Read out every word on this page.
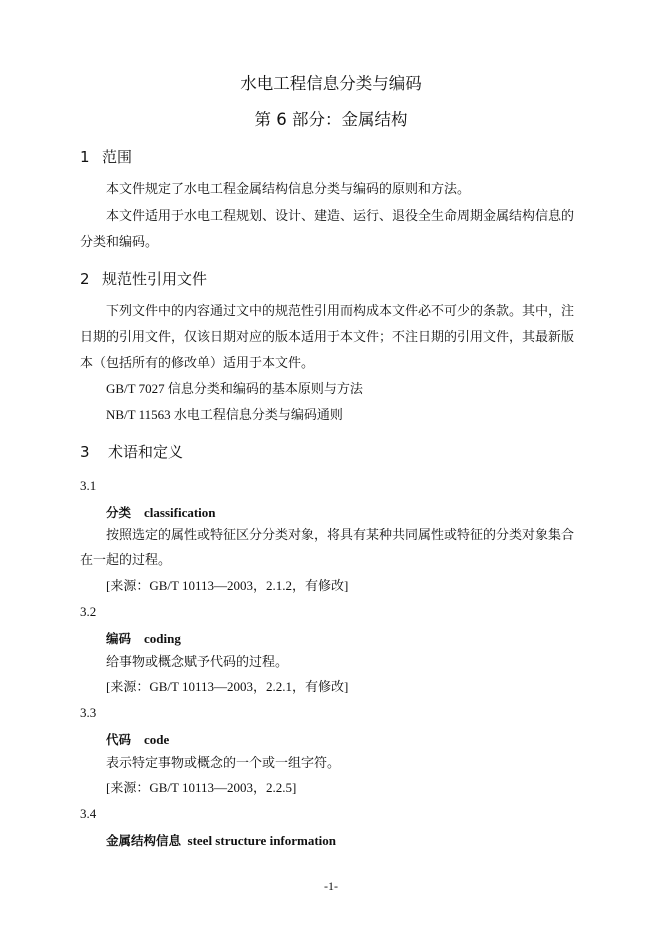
水电工程信息分类与编码
第 6 部分：金属结构
1 范围
本文件规定了水电工程金属结构信息分类与编码的原则和方法。
本文件适用于水电工程规划、设计、建造、运行、退役全生命周期金属结构信息的
分类和编码。
2 规范性引用文件
下列文件中的内容通过文中的规范性引用而构成本文件必不可少的条款。其中，注
日期的引用文件，仅该日期对应的版本适用于本文件；不注日期的引用文件，其最新版
本（包括所有的修改单）适用于本文件。
GB/T 7027 信息分类和编码的基本原则与方法
NB/T 11563 水电工程信息分类与编码通则
3 术语和定义
3.1
分类 classification
按照选定的属性或特征区分分类对象，将具有某种共同属性或特征的分类对象集合
在一起的过程。
[来源：GB/T 10113—2003，2.1.2，有修改]
3.2
编码 coding
给事物或概念赋予代码的过程。
[来源：GB/T 10113—2003，2.2.1，有修改]
3.3
代码 code
表示特定事物或概念的一个或一组字符。
[来源：GB/T 10113—2003，2.2.5]
3.4
金属结构信息 steel structure information
-1-
